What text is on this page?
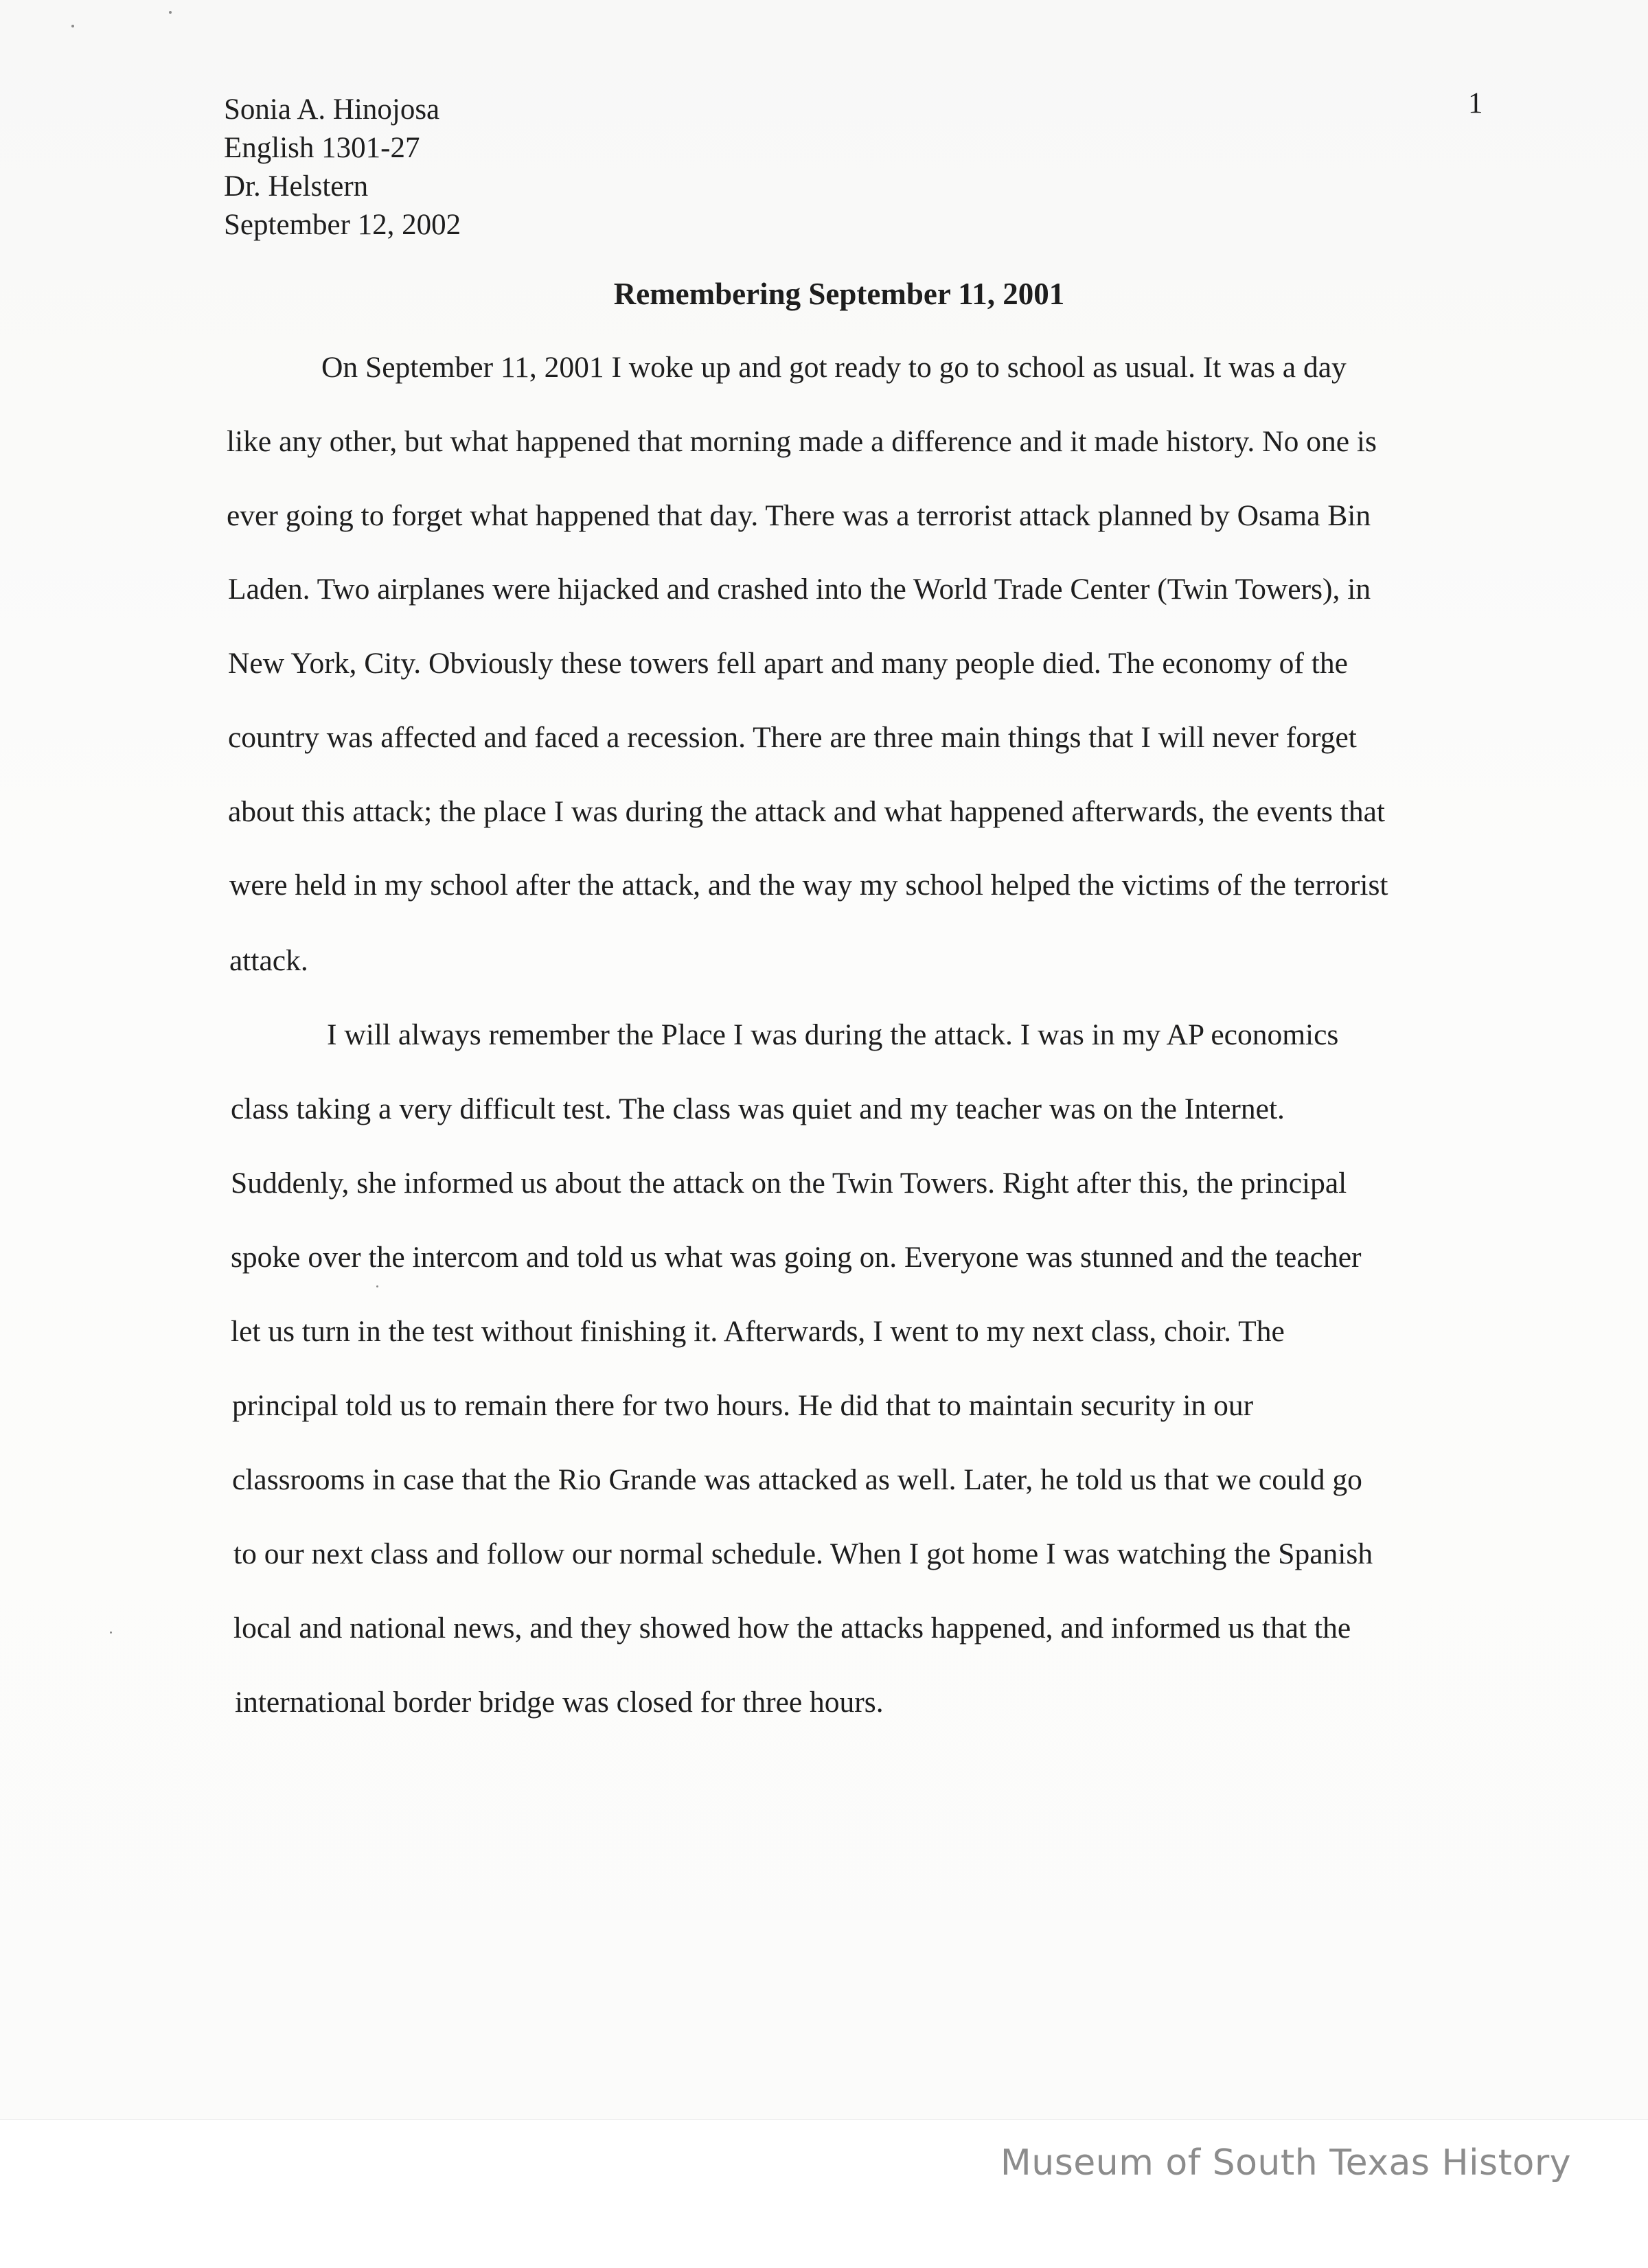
Sonia A. Hinojosa
English 1301-27
Dr. Helstern
September 12, 2002
1
Remembering September 11, 2001
On September 11, 2001 I woke up and got ready to go to school as usual. It was a day
like any other, but what happened that morning made a difference and it made history. No one is
ever going to forget what happened that day. There was a terrorist attack planned by Osama Bin
Laden. Two airplanes were hijacked and crashed into the World Trade Center (Twin Towers), in
New York, City. Obviously these towers fell apart and many people died. The economy of the
country was affected and faced a recession. There are three main things that I will never forget
about this attack; the place I was during the attack and what happened afterwards, the events that
were held in my school after the attack, and the way my school helped the victims of the terrorist
attack.
I will always remember the Place I was during the attack. I was in my AP economics
class taking a very difficult test. The class was quiet and my teacher was on the Internet.
Suddenly, she informed us about the attack on the Twin Towers. Right after this, the principal
spoke over the intercom and told us what was going on. Everyone was stunned and the teacher
let us turn in the test without finishing it. Afterwards, I went to my next class, choir. The
principal told us to remain there for two hours. He did that to maintain security in our
classrooms in case that the Rio Grande was attacked as well. Later, he told us that we could go
to our next class and follow our normal schedule. When I got home I was watching the Spanish
local and national news, and they showed how the attacks happened, and informed us that the
international border bridge was closed for three hours.
Museum of South Texas History
